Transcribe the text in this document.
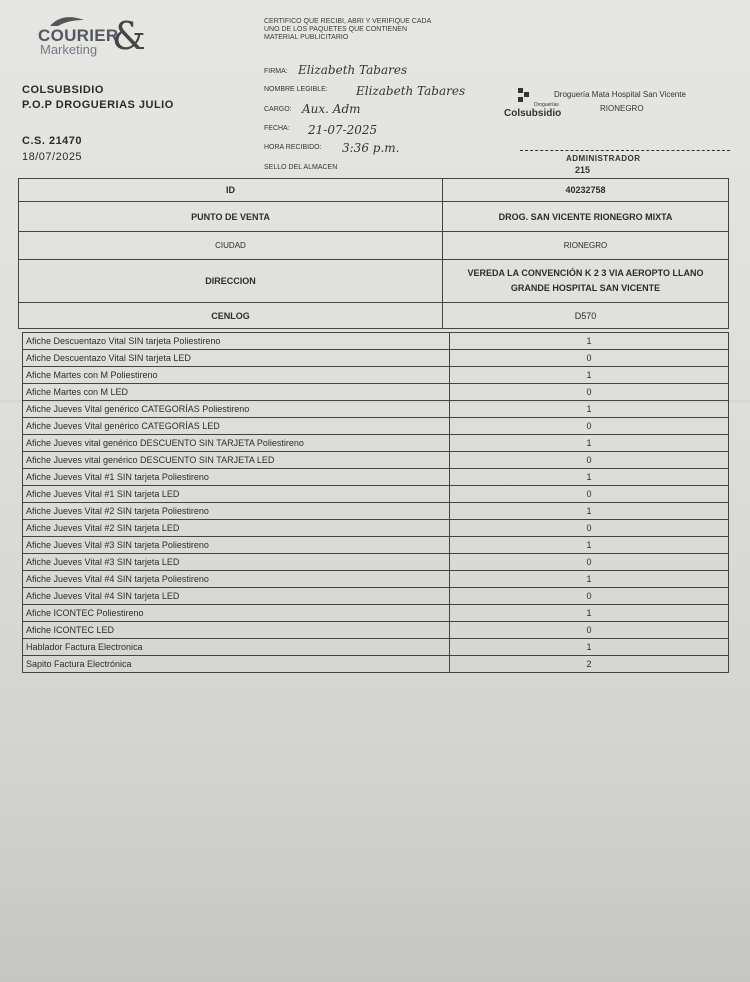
COURIER
Marketing &
COLSUBSIDIO
P.O.P DROGUERIAS JULIO
C.S. 21470
18/07/2025
CERTIFICO QUE RECIBI, ABRI Y VERIFIQUE CADA UNO DE LOS PAQUETES QUE CONTIENEN MATERIAL PUBLICITARIO
FIRMA: Elizabeth Tabares
NOMBRE LEGIBLE: Elizabeth Tabares
CARGO: Aux. Adm
FECHA: 21-07-2025
HORA RECIBIDO: 3:36 p.m.
SELLO DEL ALMACEN
Droguería Mata Hospital San Vicente
RIONEGRO
Droguerías
Colsubsidio
ADMINISTRADOR
215
ID	40232758
PUNTO DE VENTA	DROG. SAN VICENTE RIONEGRO MIXTA
CIUDAD	RIONEGRO
DIRECCION	VEREDA LA CONVENCIÓN K 2 3 VIA AEROPTO LLANO GRANDE HOSPITAL SAN VICENTE
CENLOG	D570
Afiche Descuentazo Vital SIN tarjeta Poliestireno	1
Afiche Descuentazo Vital SIN tarjeta LED	0
Afiche Martes con M Poliestireno	1
Afiche Martes con M LED	0
Afiche Jueves Vital genérico CATEGORÍAS Poliestireno	1
Afiche Jueves Vital genérico CATEGORÍAS LED	0
Afiche Jueves vital genérico DESCUENTO SIN TARJETA Poliestireno	1
Afiche Jueves vital genérico DESCUENTO SIN TARJETA LED	0
Afiche Jueves Vital #1 SIN tarjeta Poliestireno	1
Afiche Jueves Vital #1 SIN tarjeta LED	0
Afiche Jueves Vital #2 SIN tarjeta Poliestireno	1
Afiche Jueves Vital #2 SIN tarjeta LED	0
Afiche Jueves Vital #3 SIN tarjeta Poliestireno	1
Afiche Jueves Vital #3 SIN tarjeta LED	0
Afiche Jueves Vital #4 SIN tarjeta Poliestireno	1
Afiche Jueves Vital #4 SIN tarjeta LED	0
Afiche ICONTEC Poliestireno	1
Afiche ICONTEC LED	0
Hablador Factura Electronica	1
Sapito Factura Electrónica	2
